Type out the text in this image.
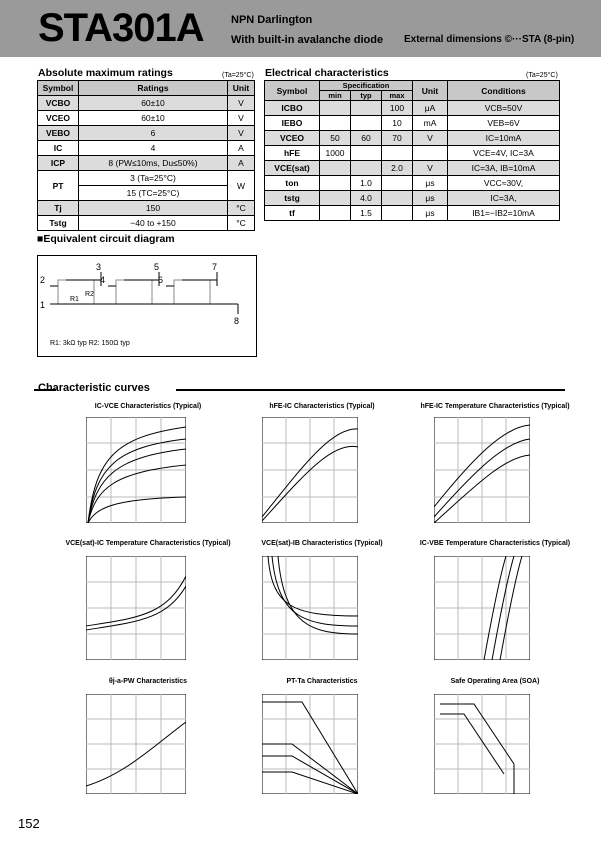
STA301A NPN Darlington
With built-in avalanche diode External dimensions ©···STA (8-pin)
Absolute maximum ratings	(Ta=25°C)
Symbol	Ratings	Unit
VCBO	60±10	V
VCEO	60±10	V
VEBO	6	V
IC	4	A
ICP	8 (PW≤10ms, Du≤50%)	A
PT	3 (Ta=25°C)	W
	15 (TC=25°C)	
Tj	150	°C
Tstg	−40 to +150	°C
Electrical characteristics	(Ta=25°C)
Symbol	Specification			Unit	Conditions
	min	typ	max		
ICBO			100	μA	VCB=50V
IEBO			10	mA	VEB=6V
VCEO	50	60	70	V	IC=10mA
hFE	1000				VCE=4V, IC=3A
VCE(sat)			2.0	V	IC=3A, IB=10mA
ton		1.0		μs	VCC≈30V,
tstg		4.0		μs	IC=3A,
tf		1.5		μs	IB1=−IB2=10mA
■Equivalent circuit diagram
3	5	7
2	4	6
1
8
R1
R2
R1: 3kΩ typ R2: 150Ω typ
Characteristic curves
IC-VCE Characteristics (Typical)	hFE-IC Characteristics (Typical)	hFE-IC Temperature Characteristics (Typical)
VCE(sat)-IC Temperature Characteristics (Typical)	VCE(sat)-IB Characteristics (Typical)	IC-VBE Temperature Characteristics (Typical)
θj-a-PW Characteristics	PT-Ta Characteristics	Safe Operating Area (SOA)
152
